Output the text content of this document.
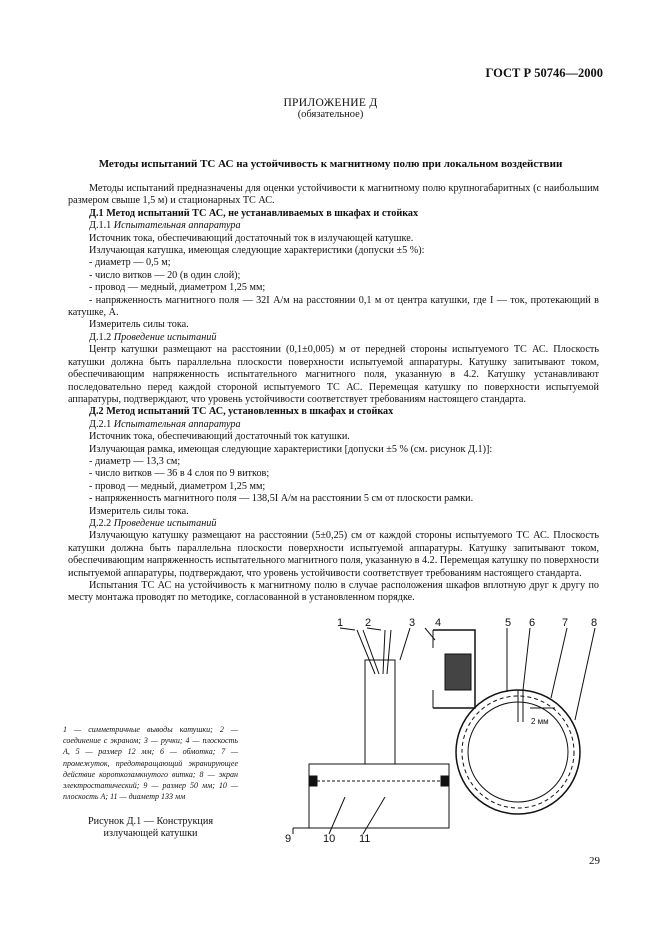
ГОСТ Р 50746—2000
ПРИЛОЖЕНИЕ Д
(обязательное)
Методы испытаний ТС АС на устойчивость к магнитному полю при локальном воздействии

Методы испытаний предназначены для оценки устойчивости к магнитному полю крупногабаритных (с наибольшим размером свыше 1,5 м) и стационарных ТС АС.

Д.1 Метод испытаний ТС АС, не устанавливаемых в шкафах и стойках

Д.1.1 Испытательная аппаратура

Источник тока, обеспечивающий достаточный ток в излучающей катушке.

Излучающая катушка, имеющая следующие характеристики (допуски ±5 %):

- диаметр — 0,5 м;

- число витков — 20 (в один слой);

- провод — медный, диаметром 1,25 мм;

- напряженность магнитного поля — 32I А/м на расстоянии 0,1 м от центра катушки, где I — ток, протекающий в катушке, А.

Измеритель силы тока.

Д.1.2 Проведение испытаний

Центр катушки размещают на расстоянии (0,1±0,005) м от передней стороны испытуемого ТС АС. Плоскость катушки должна быть параллельна плоскости поверхности испытуемой аппаратуры. Катушку запитывают током, обеспечивающим напряженность испытательного магнитного поля, указанную в 4.2. Катушку устанавливают последовательно перед каждой стороной испытуемого ТС АС. Перемещая катушку по поверхности испытуемой аппаратуры, подтверждают, что уровень устойчивости соответствует требованиям настоящего стандарта.

Д.2 Метод испытаний ТС АС, установленных в шкафах и стойках

Д.2.1 Испытательная аппаратура

Источник тока, обеспечивающий достаточный ток катушки.

Излучающая рамка, имеющая следующие характеристики [допуски ±5 % (см. рисунок Д.1)]:

- диаметр — 13,3 см;

- число витков — 36 в 4 слоя по 9 витков;

- провод — медный, диаметром 1,25 мм;

- напряженность магнитного поля — 138,5I А/м на расстоянии 5 см от плоскости рамки.

Измеритель силы тока.

Д.2.2 Проведение испытаний

Излучающую катушку размещают на расстоянии (5±0,25) см от каждой стороны испытуемого ТС АС. Плоскость катушки должна быть параллельна плоскости поверхности испытуемой аппаратуры. Катушку запитывают током, обеспечивающим напряженность испытательного магнитного поля, указанную в 4.2. Перемещая катушку по поверхности испытуемой аппаратуры, подтверждают, что уровень устойчивости соответствует требованиям настоящего стандарта.

Испытания ТС АС на устойчивость к магнитному полю в случае расположения шкафов вплотную друг к другу по месту монтажа проводят по методике, согласованной в установленном порядке.

1 2	3 4	5 6 7 8
9	10 11
2 мм
1 — симметричные выводы катушки; 2 — соединение с экраном; 3 — ручки; 4 — плоскость A, 5 — размер 12 мм; 6 — обмотка; 7 — промежуток, предотвращающий экранирующее действие короткозамкнутого витка; 8 — экран электростатический; 9 — размер 50 мм; 10 — плоскость A; 11 — диаметр 133 мм
Рисунок Д.1 — Конструкция излучающей катушки
29
